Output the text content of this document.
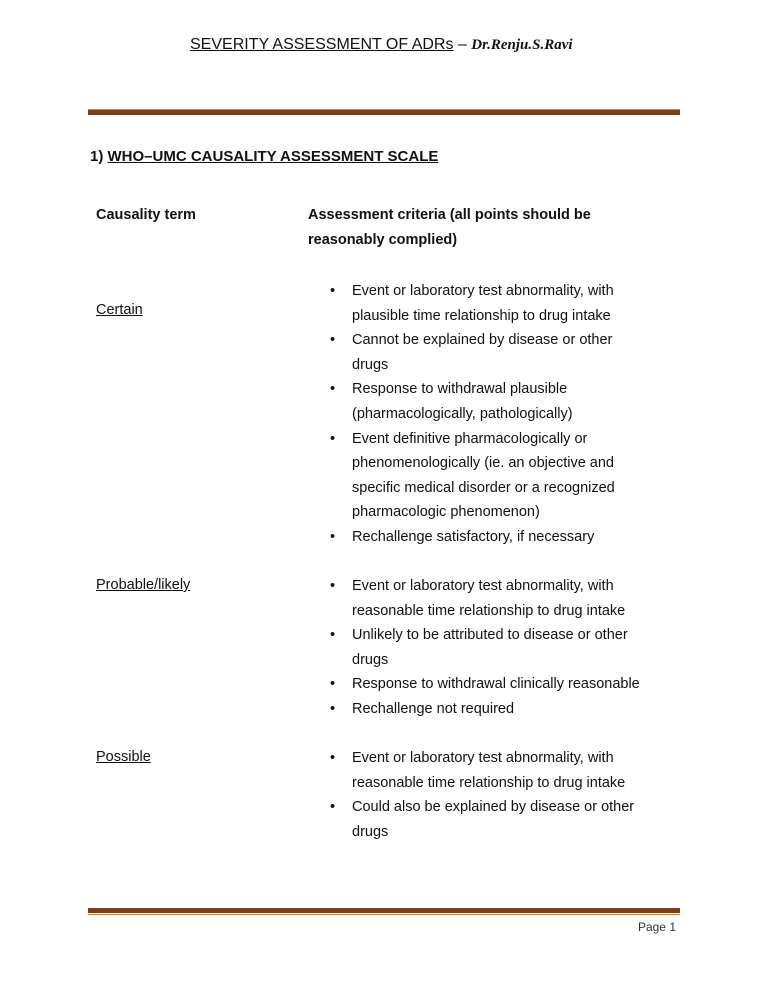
SEVERITY ASSESSMENT OF ADRs – Dr.Renju.S.Ravi
1) WHO–UMC CAUSALITY ASSESSMENT SCALE
Causality term	Assessment criteria (all points should be
reasonably complied)
Certain
• Event or laboratory test abnormality, with
plausible time relationship to drug intake
• Cannot be explained by disease or other
drugs
• Response to withdrawal plausible
(pharmacologically, pathologically)
• Event definitive pharmacologically or
phenomenologically (ie. an objective and
specific medical disorder or a recognized
pharmacologic phenomenon)
• Rechallenge satisfactory, if necessary
Probable/likely	• Event or laboratory test abnormality, with
reasonable time relationship to drug intake
• Unlikely to be attributed to disease or other
drugs
• Response to withdrawal clinically reasonable
• Rechallenge not required
Possible	• Event or laboratory test abnormality, with
reasonable time relationship to drug intake
• Could also be explained by disease or other
drugs
Page 1
